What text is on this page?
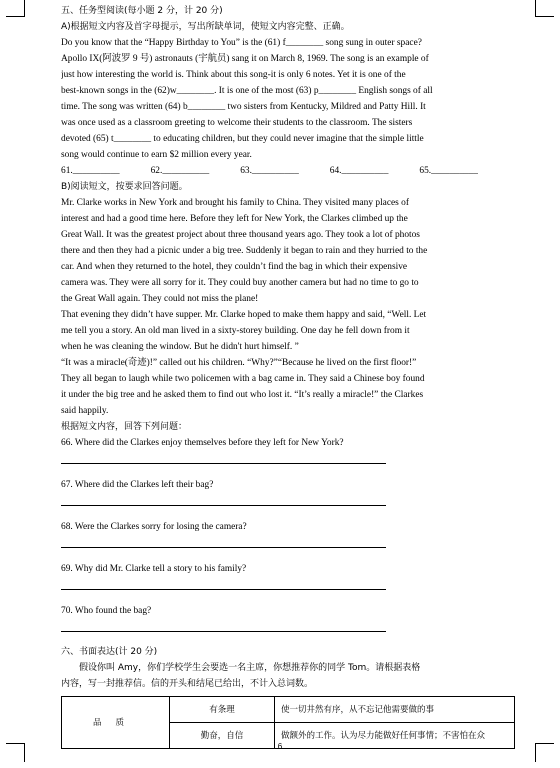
五、任务型阅读(每小题 2 分，计 20 分)
A)根据短文内容及首字母提示，写出所缺单词，使短文内容完整、正确。
Do you know that the “Happy Birthday to You” is the (61) f________ song sung in outer space?
Apollo IX(阿波罗 9 号) astronauts (宇航员) sang it on March 8, 1969. The song is an example of
just how interesting the world is. Think about this song-it is only 6 notes. Yet it is one of the
best-known songs in the (62)w________. It is one of the most (63) p________ English songs of all
time. The song was written (64) b________ two sisters from Kentucky, Mildred and Patty Hill. It
was once used as a classroom greeting to welcome their students to the classroom. The sisters
devoted (65) t________ to educating children, but they could never imagine that the simple little
song would continue to earn $2 million every year.
61.__________	62.__________	63.__________	64.__________	65.__________
B)阅读短文，按要求回答问题。
Mr. Clarke works in New York and brought his family to China. They visited many places of
interest and had a good time here. Before they left for New York, the Clarkes climbed up the
Great Wall. It was the greatest project about three thousand years ago. They took a lot of photos
there and then they had a picnic under a big tree. Suddenly it began to rain and they hurried to the
car. And when they returned to the hotel, they couldn’t find the bag in which their expensive
camera was. They were all sorry for it. They could buy another camera but had no time to go to
the Great Wall again. They could not miss the plane!
That evening they didn’t have supper. Mr. Clarke hoped to make them happy and said, “Well. Let
me tell you a story. An old man lived in a sixty-storey building. One day he fell down from it
when he was cleaning the window. But he didn't hurt himself. ”
“It was a miracle(奇迹)!” called out his children. “Why?”“Because he lived on the first floor!”
They all began to laugh while two policemen with a bag came in. They said a Chinese boy found
it under the big tree and he asked them to find out who lost it. “It’s really a miracle!” the Clarkes
said happily.
根据短文内容，回答下列问题：
66. Where did the Clarkes enjoy themselves before they left for New York?
67. Where did the Clarkes left their bag?
68. Were the Clarkes sorry for losing the camera?
69. Why did Mr. Clarke tell a story to his family?
70. Who found the bag?
六、书面表达(计 20 分)
假设你叫 Amy，你们学校学生会要选一名主席，你想推荐你的同学 Tom。请根据表格
内容，写一封推荐信。信的开头和结尾已给出，不计入总词数。
品质	有条理	使一切井然有序，从不忘记他需要做的事
	勤奋，自信	做额外的工作。认为尽力能做好任何事情；不害怕在众
6
